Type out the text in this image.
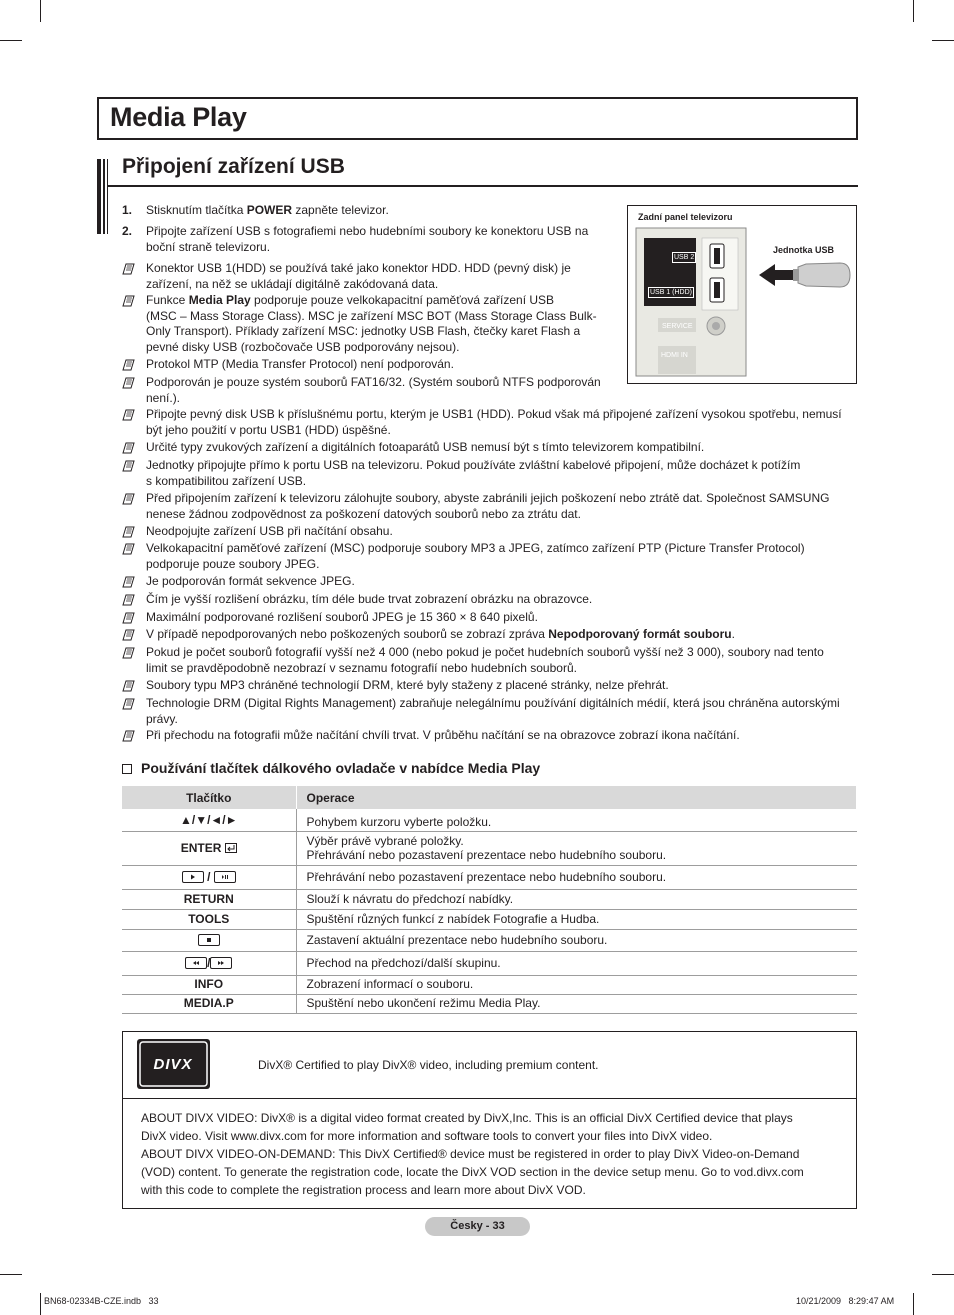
Media Play
Připojení zařízení USB
1. Stisknutím tlačítka POWER zapněte televizor.
2. Připojte zařízení USB s fotografiemi nebo hudebními soubory ke konektoru USB na
boční straně televizoru.
Konektor USB 1(HDD) se používá také jako konektor HDD. HDD (pevný disk) je
zařízení, na něž se ukládají digitálně zakódovaná data.
Funkce Media Play podporuje pouze velkokapacitní paměťová zařízení USB
(MSC – Mass Storage Class). MSC je zařízení MSC BOT (Mass Storage Class Bulk-
Only Transport). Příklady zařízení MSC: jednotky USB Flash, čtečky karet Flash a
pevné disky USB (rozbočovače USB podporovány nejsou).
Protokol MTP (Media Transfer Protocol) není podporován.
Podporován je pouze systém souborů FAT16/32. (Systém souborů NTFS podporován
není.).
Připojte pevný disk USB k příslušnému portu, kterým je USB1 (HDD). Pokud však má připojené zařízení vysokou spotřebu, nemusí
být jeho použití v portu USB1 (HDD) úspěšné.
Určité typy zvukových zařízení a digitálních fotoaparátů USB nemusí být s tímto televizorem kompatibilní.
Jednotky připojujte přímo k portu USB na televizoru. Pokud používáte zvláštní kabelové připojení, může docházet k potížím
s kompatibilitou zařízení USB.
Před připojením zařízení k televizoru zálohujte soubory, abyste zabránili jejich poškození nebo ztrátě dat. Společnost SAMSUNG
nenese žádnou zodpovědnost za poškození datových souborů nebo za ztrátu dat.
Neodpojujte zařízení USB při načítání obsahu.
Velkokapacitní paměťové zařízení (MSC) podporuje soubory MP3 a JPEG, zatímco zařízení PTP (Picture Transfer Protocol)
podporuje pouze soubory JPEG.
Je podporován formát sekvence JPEG.
Čím je vyšší rozlišení obrázku, tím déle bude trvat zobrazení obrázku na obrazovce.
Maximální podporované rozlišení souborů JPEG je 15 360 × 8 640 pixelů.
V případě nepodporovaných nebo poškozených souborů se zobrazí zpráva Nepodporovaný formát souboru.
Pokud je počet souborů fotografií vyšší než 4 000 (nebo pokud je počet hudebních souborů vyšší než 3 000), soubory nad tento
limit se pravděpodobně nezobrazí v seznamu fotografií nebo hudebních souborů.
Soubory typu MP3 chráněné technologií DRM, které byly staženy z placené stránky, nelze přehrát.
Technologie DRM (Digital Rights Management) zabraňuje nelegálnímu používání digitálních médií, která jsou chráněna autorskými
právy.
Při přechodu na fotografii může načítání chvíli trvat. V průběhu načítání se na obrazovce zobrazí ikona načítání.
Zadní panel televizoru
Jednotka USB
USB 2
USB 1 (HDD)
SERVICE
HDMI IN
Používání tlačítek dálkového ovladače v nabídce Media Play
Tlačítko	Operace
▲/▼/◄/►	Pohybem kurzoru vyberte položku.
ENTER	Výběr právě vybrané položky.
Přehrávání nebo pozastavení prezentace nebo hudebního souboru.

/	Přehrávání nebo pozastavení prezentace nebo hudebního souboru.
RETURN	Slouží k návratu do předchozí nabídky.
TOOLS	Spuštění různých funkcí z nabídek Fotografie a Hudba.

	Zastavení aktuální prezentace nebo hudebního souboru.

/	Přechod na předchozí/další skupinu.
INFO	Zobrazení informací o souboru.
MEDIA.P	Spuštění nebo ukončení režimu Media Play.
DIVX	DivX® Certified to play DivX® video, including premium content.
ABOUT DIVX VIDEO: DivX® is a digital video format created by DivX,Inc. This is an official DivX Certified device that plays
DivX video. Visit www.divx.com for more information and software tools to convert your files into DivX video.
ABOUT DIVX VIDEO-ON-DEMAND: This DivX Certified® device must be registered in order to play DivX Video-on-Demand
(VOD) content. To generate the registration code, locate the DivX VOD section in the device setup menu. Go to vod.divx.com
with this code to complete the registration process and learn more about DivX VOD.
Česky - 33
BN68-02334B-CZE.indb   33	10/21/2009   8:29:47 AM
